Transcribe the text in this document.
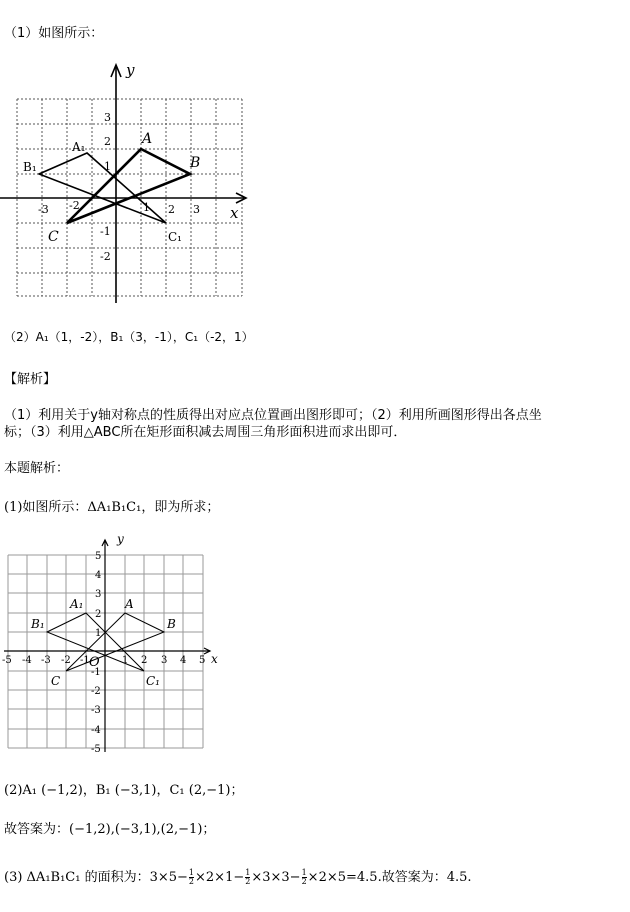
（1）如图所示：
y
x
A
B
C
A₁
B₁
C₁
-3 -2	1 2 3
3
2
1
-1
-2
（2）A₁（1，-2），B₁（3，-1），C₁（-2，1）
【解析】
（1）利用关于y轴对称点的性质得出对应点位置画出图形即可；（2）利用所画图形得出各点坐
标；（3）利用△ABC所在矩形面积减去周围三角形面积进而求出即可．
本题解析：
(1)如图所示：ΔA₁B₁C₁，即为所求；
y
x
O
A
B
C
A₁
B₁
C₁
-5 -4 -3 -2 -1	1 2 3 4 5
5
4
3
2
1
-1
-2
-3
-4
-5
(2)A₁ (−1,2)，B₁ (−3,1)，C₁ (2,−1)；
故答案为：(−1,2),(−3,1),(2,−1)；
(3) ΔA₁B₁C₁ 的面积为：$3\times 5- \frac{1}{2} \times 2\times 1- \frac{1}{2} \times 3\times 3- \frac{1}{2} \times 2\times 5=4.5$.故答案为：4.5.
